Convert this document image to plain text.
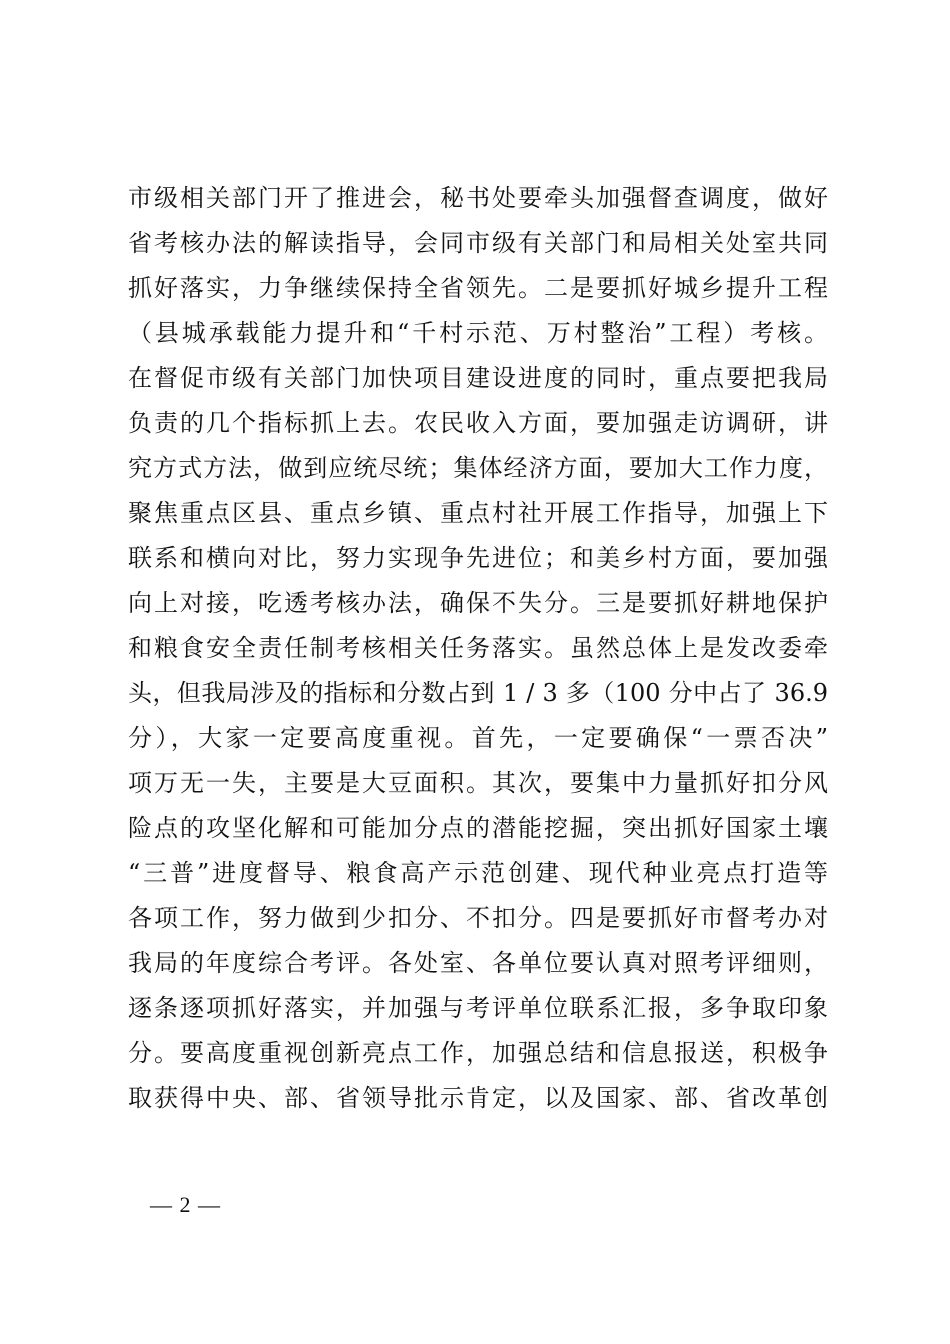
市级相关部门开了推进会，秘书处要牵头加强督查调度，做好
省考核办法的解读指导，会同市级有关部门和局相关处室共同
抓好落实，力争继续保持全省领先。二是要抓好城乡提升工程
（县城承载能力提升和“千村示范、万村整治”工程）考核。
在督促市级有关部门加快项目建设进度的同时，重点要把我局
负责的几个指标抓上去。农民收入方面，要加强走访调研，讲
究方式方法，做到应统尽统；集体经济方面，要加大工作力度，
聚焦重点区县、重点乡镇、重点村社开展工作指导，加强上下
联系和横向对比，努力实现争先进位；和美乡村方面，要加强
向上对接，吃透考核办法，确保不失分。三是要抓好耕地保护
和粮食安全责任制考核相关任务落实。虽然总体上是发改委牵
头，但我局涉及的指标和分数占到 1 / 3 多（100 分中占了 36.9
分），大家一定要高度重视。首先，一定要确保“一票否决”
项万无一失，主要是大豆面积。其次，要集中力量抓好扣分风
险点的攻坚化解和可能加分点的潜能挖掘，突出抓好国家土壤
“三普”进度督导、粮食高产示范创建、现代种业亮点打造等
各项工作，努力做到少扣分、不扣分。四是要抓好市督考办对
我局的年度综合考评。各处室、各单位要认真对照考评细则，
逐条逐项抓好落实，并加强与考评单位联系汇报，多争取印象
分。要高度重视创新亮点工作，加强总结和信息报送，积极争
取获得中央、部、省领导批示肯定，以及国家、部、省改革创
— 2 —
